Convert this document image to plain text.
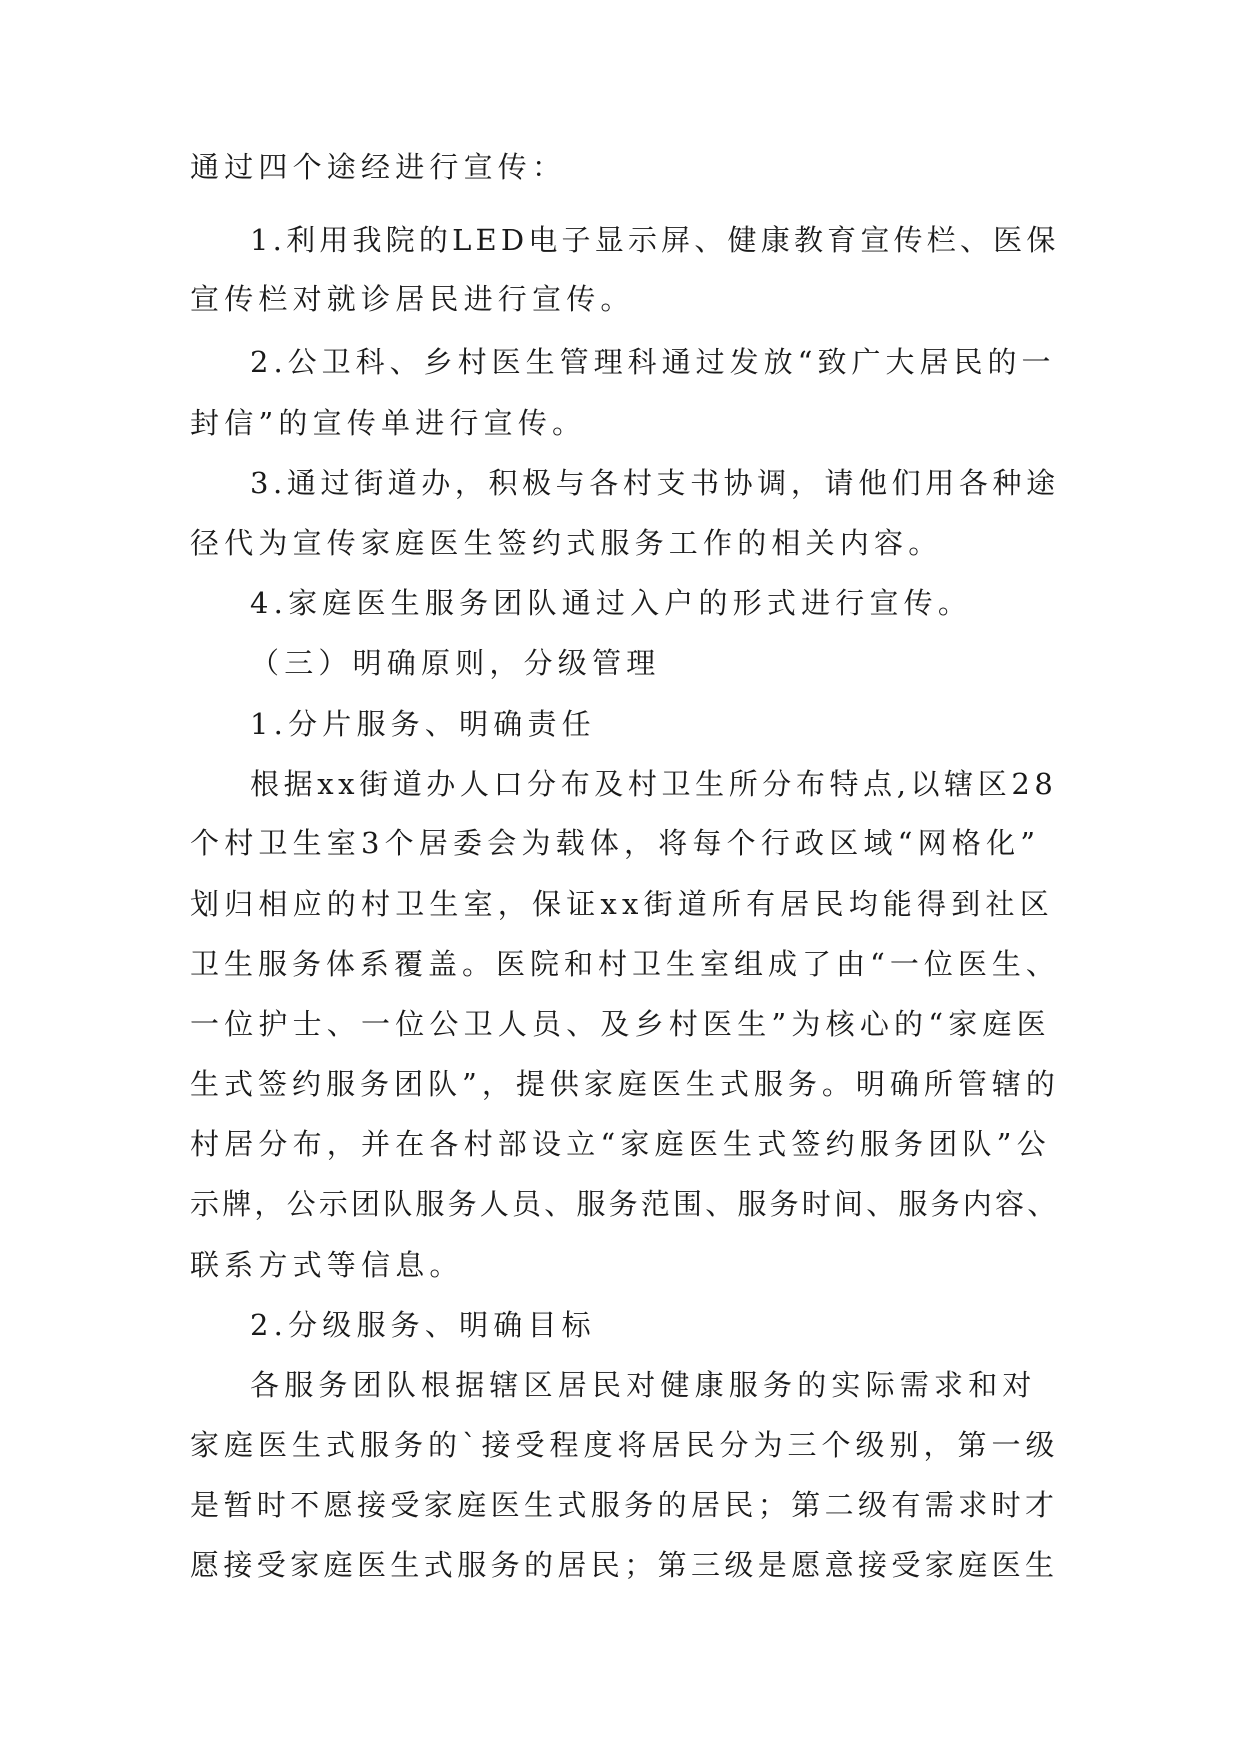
通过四个途经进行宣传：
1.利用我院的LED电子显示屏、健康教育宣传栏、医保
宣传栏对就诊居民进行宣传。
2.公卫科、乡村医生管理科通过发放“致广大居民的一
封信”的宣传单进行宣传。
3.通过街道办，积极与各村支书协调，请他们用各种途
径代为宣传家庭医生签约式服务工作的相关内容。
4.家庭医生服务团队通过入户的形式进行宣传。
（三）明确原则，分级管理
1.分片服务、明确责任
根据xx街道办人口分布及村卫生所分布特点,以辖区28
个村卫生室3个居委会为载体，将每个行政区域“网格化”
划归相应的村卫生室，保证xx街道所有居民均能得到社区
卫生服务体系覆盖。医院和村卫生室组成了由“一位医生、
一位护士、一位公卫人员、及乡村医生”为核心的“家庭医
生式签约服务团队”，提供家庭医生式服务。明确所管辖的
村居分布，并在各村部设立“家庭医生式签约服务团队”公
示牌，公示团队服务人员、服务范围、服务时间、服务内容、
联系方式等信息。
2.分级服务、明确目标
各服务团队根据辖区居民对健康服务的实际需求和对
家庭医生式服务的`接受程度将居民分为三个级别，第一级
是暂时不愿接受家庭医生式服务的居民；第二级有需求时才
愿接受家庭医生式服务的居民；第三级是愿意接受家庭医生
